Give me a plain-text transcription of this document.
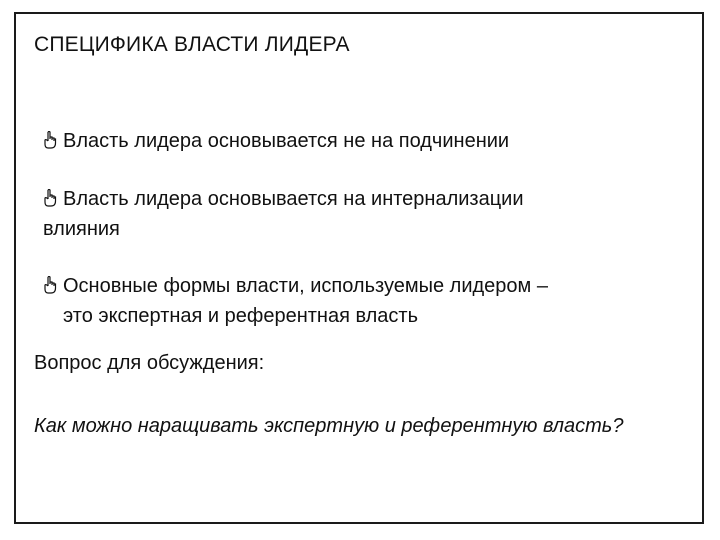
СПЕЦИФИКА ВЛАСТИ ЛИДЕРА
Власть лидера основывается не на подчинении
Власть лидера основывается на интернализации
влияния
Основные формы власти, используемые лидером –
это экспертная и референтная власть
Вопрос для обсуждения:
Как можно наращивать экспертную и референтную власть?
